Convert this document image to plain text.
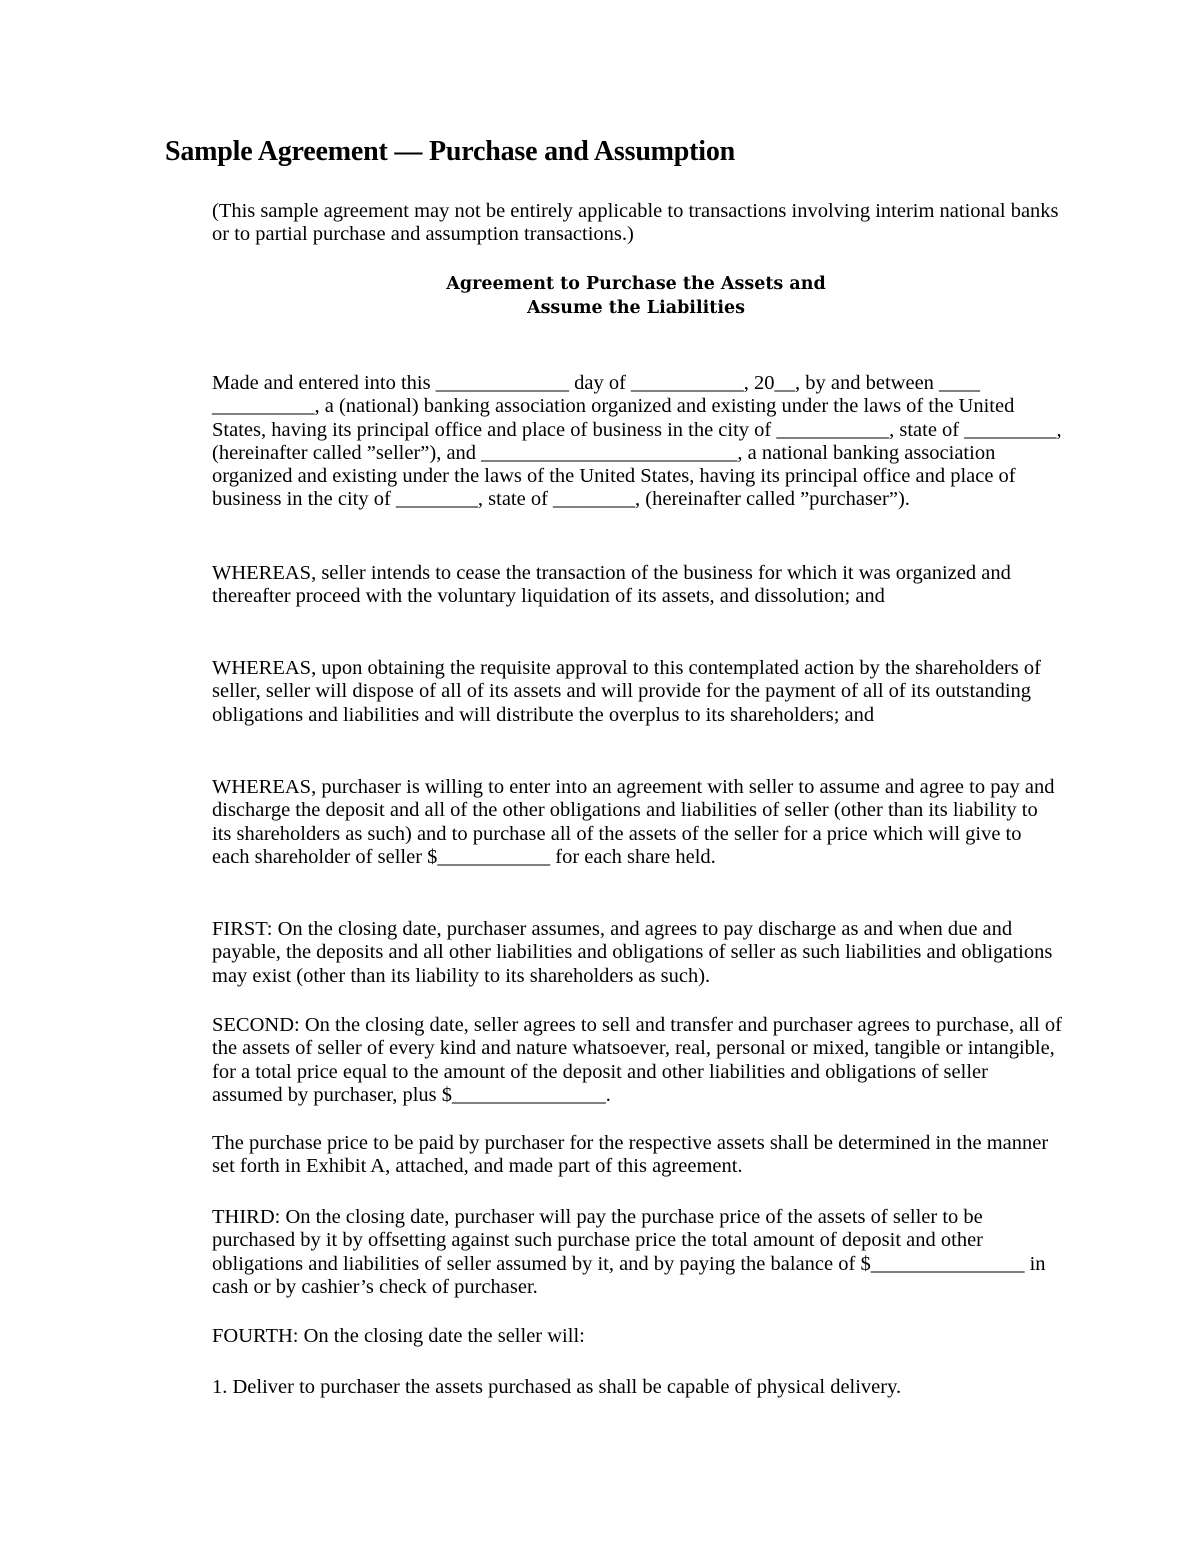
Sample Agreement — Purchase and Assumption

(This sample agreement may not be entirely applicable to transactions involving interim national banks or to partial purchase and assumption transactions.)

Agreement to Purchase the Assets and
Assume the Liabilities

Made and entered into this _____________ day of ___________, 20__, by and between ____ __________, a (national) banking association organized and existing under the laws of the United States, having its principal office and place of business in the city of ___________, state of _________, (hereinafter called ”seller”), and _________________________, a national banking association organized and existing under the laws of the United States, having its principal office and place of business in the city of ________, state of ________, (hereinafter called ”purchaser”).

WHEREAS, seller intends to cease the transaction of the business for which it was organized and thereafter proceed with the voluntary liquidation of its assets, and dissolution; and

WHEREAS, upon obtaining the requisite approval to this contemplated action by the shareholders of seller, seller will dispose of all of its assets and will provide for the payment of all of its outstanding obligations and liabilities and will distribute the overplus to its shareholders; and

WHEREAS, purchaser is willing to enter into an agreement with seller to assume and agree to pay and discharge the deposit and all of the other obligations and liabilities of seller (other than its liability to its shareholders as such) and to purchase all of the assets of the seller for a price which will give to each shareholder of seller $___________ for each share held.

FIRST: On the closing date, purchaser assumes, and agrees to pay discharge as and when due and payable, the deposits and all other liabilities and obligations of seller as such liabilities and obligations may exist (other than its liability to its shareholders as such).

SECOND: On the closing date, seller agrees to sell and transfer and purchaser agrees to purchase, all of the assets of seller of every kind and nature whatsoever, real, personal or mixed, tangible or intangible, for a total price equal to the amount of the deposit and other liabilities and obligations of seller assumed by purchaser, plus $_______________.

The purchase price to be paid by purchaser for the respective assets shall be determined in the manner set forth in Exhibit A, attached, and made part of this agreement.

THIRD: On the closing date, purchaser will pay the purchase price of the assets of seller to be purchased by it by offsetting against such purchase price the total amount of deposit and other obligations and liabilities of seller assumed by it, and by paying the balance of $_______________ in cash or by cashier’s check of purchaser.

FOURTH: On the closing date the seller will:

1. Deliver to purchaser the assets purchased as shall be capable of physical delivery.
